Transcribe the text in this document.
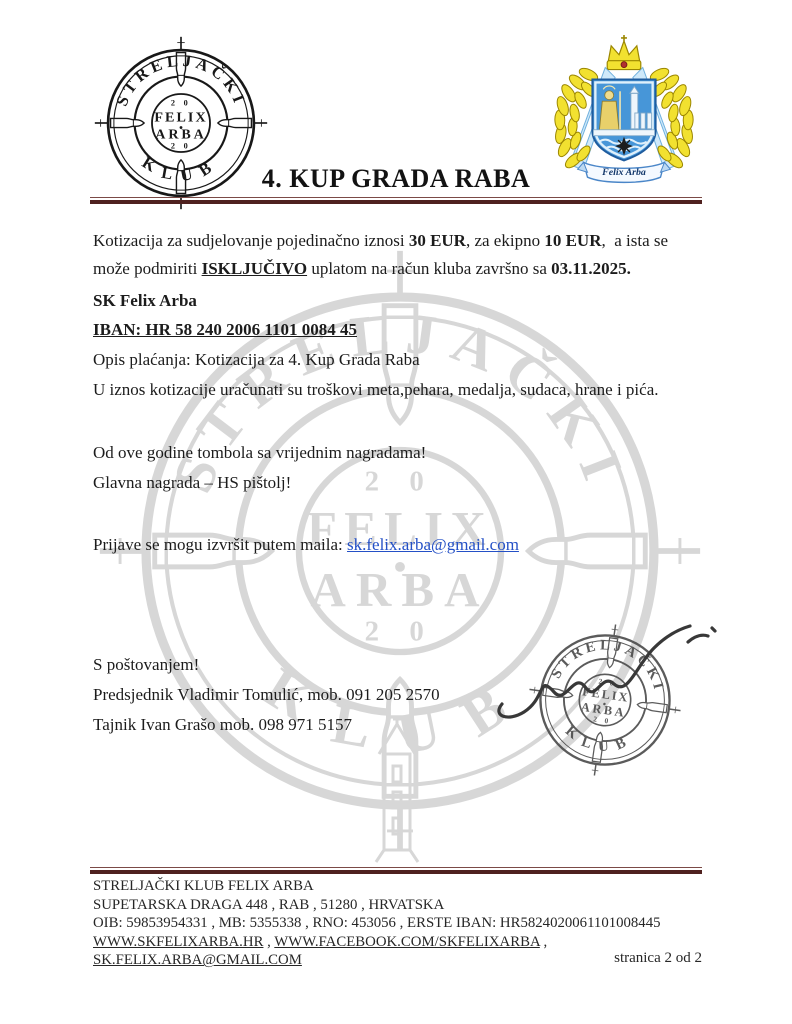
Felix Arba
4. KUP GRADA RABA
Kotizacija za sudjelovanje pojedinačno iznosi 30 EUR, za ekipno 10 EUR,  a ista se
može podmiriti ISKLJUČIVO uplatom na račun kluba završno sa 03.11.2025.
SK Felix Arba
IBAN: HR 58 240 2006 1101 0084 45
Opis plaćanja: Kotizacija za 4. Kup Grada Raba
U iznos kotizacije uračunati su troškovi meta,pehara, medalja, sudaca, hrane i pića.
Od ove godine tombola sa vrijednim nagradama!
Glavna nagrada – HS pištolj!
Prijave se mogu izvršit putem maila: sk.felix.arba@gmail.com
S poštovanjem!
Predsjednik Vladimir Tomulić, mob. 091 205 2570
Tajnik Ivan Grašo mob. 098 971 5157
STRELJAČKI KLUB FELIX ARBA
SUPETARSKA DRAGA 448 , RAB , 51280 , HRVATSKA
OIB: 59853954331 , MB: 5355338 , RNO: 453056 , ERSTE IBAN: HR5824020061101008445
WWW.SKFELIXARBA.HR , WWW.FACEBOOK.COM/SKFELIXARBA , SK.FELIX.ARBA@GMAIL.COM	stranica 2 od 2
